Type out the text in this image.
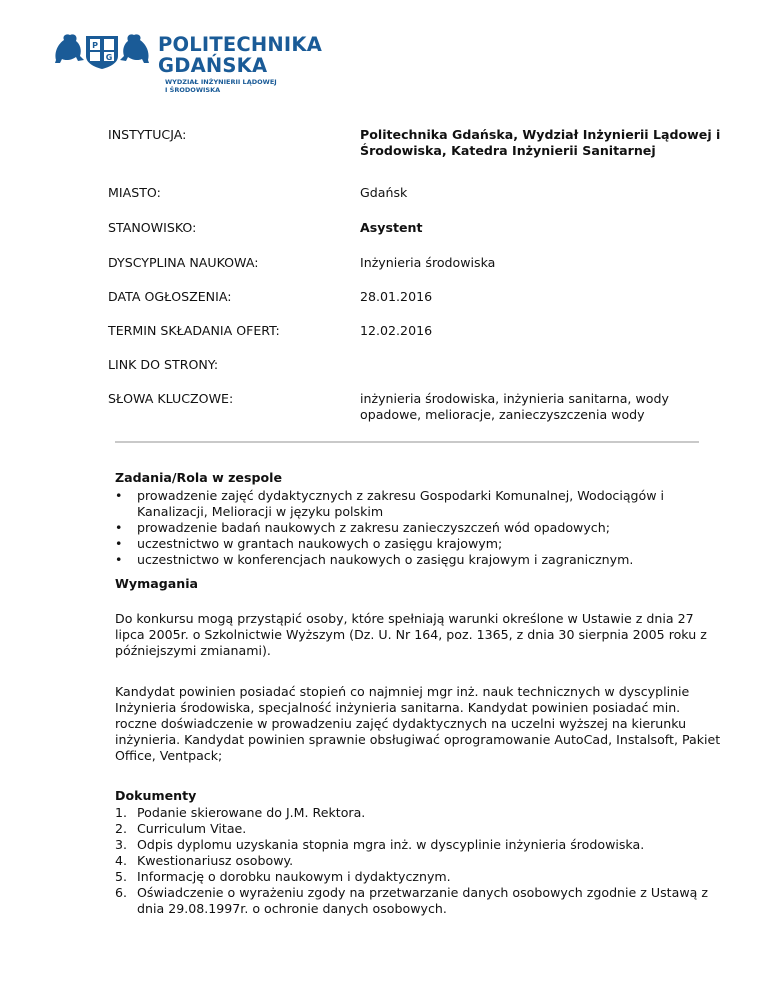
P
G
POLITECHNIKA
GDAŃSKA
WYDZIAŁ INŻYNIERII LĄDOWEJ
I ŚRODOWISKA
INSTYTUCJA:	Politechnika Gdańska, Wydział Inżynierii Lądowej i Środowiska, Katedra Inżynierii Sanitarnej
MIASTO:	Gdańsk
STANOWISKO:	Asystent
DYSCYPLINA NAUKOWA:	Inżynieria środowiska
DATA OGŁOSZENIA:	28.01.2016
TERMIN SKŁADANIA OFERT:	12.02.2016
LINK DO STRONY:
SŁOWA KLUCZOWE:	inżynieria środowiska, inżynieria sanitarna, wody opadowe, melioracje, zanieczyszczenia wody
Zadania/Rola w zespole
• prowadzenie zajęć dydaktycznych z zakresu Gospodarki Komunalnej, Wodociągów i Kanalizacji, Melioracji w języku polskim
• prowadzenie badań naukowych z zakresu zanieczyszczeń wód opadowych;
• uczestnictwo w grantach naukowych o zasięgu krajowym;
• uczestnictwo w konferencjach naukowych o zasięgu krajowym i zagranicznym.
Wymagania

Do konkursu mogą przystąpić osoby, które spełniają warunki określone w Ustawie z dnia 27 lipca 2005r. o Szkolnictwie Wyższym (Dz. U. Nr 164, poz. 1365, z dnia 30 sierpnia 2005 roku z późniejszymi zmianami).

Kandydat powinien posiadać stopień co najmniej mgr inż. nauk technicznych w dyscyplinie Inżynieria środowiska, specjalność inżynieria sanitarna. Kandydat powinien posiadać min. roczne doświadczenie w prowadzeniu zajęć dydaktycznych na uczelni wyższej na kierunku inżynieria. Kandydat powinien sprawnie obsługiwać oprogramowanie AutoCad, Instalsoft, Pakiet Office, Ventpack;

Dokumenty
1. Podanie skierowane do J.M. Rektora.
2. Curriculum Vitae.
3. Odpis dyplomu uzyskania stopnia mgra inż. w dyscyplinie inżynieria środowiska.
4. Kwestionariusz osobowy.
5. Informację o dorobku naukowym i dydaktycznym.
6. Oświadczenie o wyrażeniu zgody na przetwarzanie danych osobowych zgodnie z Ustawą z dnia 29.08.1997r. o ochronie danych osobowych.
